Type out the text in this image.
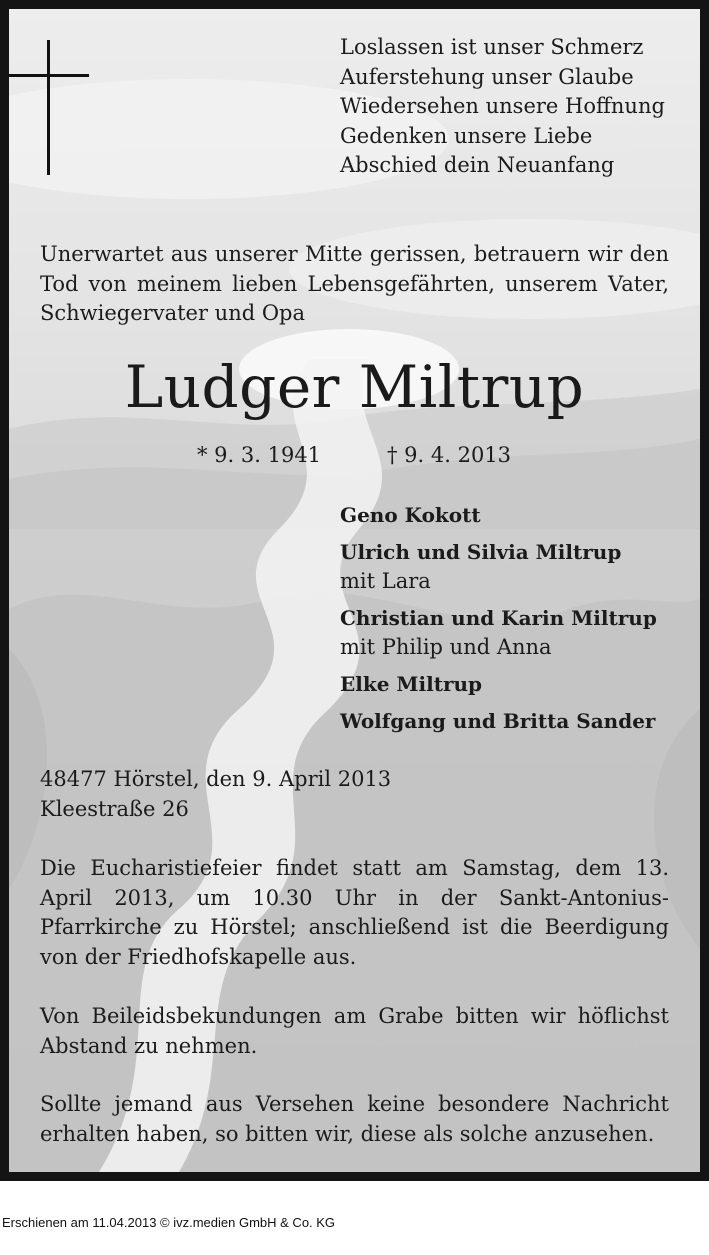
Loslassen ist unser Schmerz
Auferstehung unser Glaube
Wiedersehen unsere Hoffnung
Gedenken unsere Liebe
Abschied dein Neuanfang

Unerwartet aus unserer Mitte gerissen, betrauern wir den Tod von meinem lieben Lebensgefährten, unserem Vater, Schwiegervater und Opa

Ludger Miltrup
* 9. 3. 1941	† 9. 4. 2013
Geno Kokott
Ulrich und Silvia Miltrup
mit Lara
Christian und Karin Miltrup
mit Philip und Anna
Elke Miltrup
Wolfgang und Britta Sander

48477 Hörstel, den 9. April 2013

Kleestraße 26

Die Eucharistiefeier findet statt am Samstag, dem 13. April 2013, um 10.30 Uhr in der Sankt-Antonius-Pfarrkirche zu Hörstel; anschließend ist die Beerdigung von der Friedhofskapelle aus.

Von Beileidsbekundungen am Grabe bitten wir höflichst Abstand zu nehmen.

Sollte jemand aus Versehen keine besondere Nachricht erhalten haben, so bitten wir, diese als solche anzusehen.

Erschienen am 11.04.2013 © ivz.medien GmbH & Co. KG
